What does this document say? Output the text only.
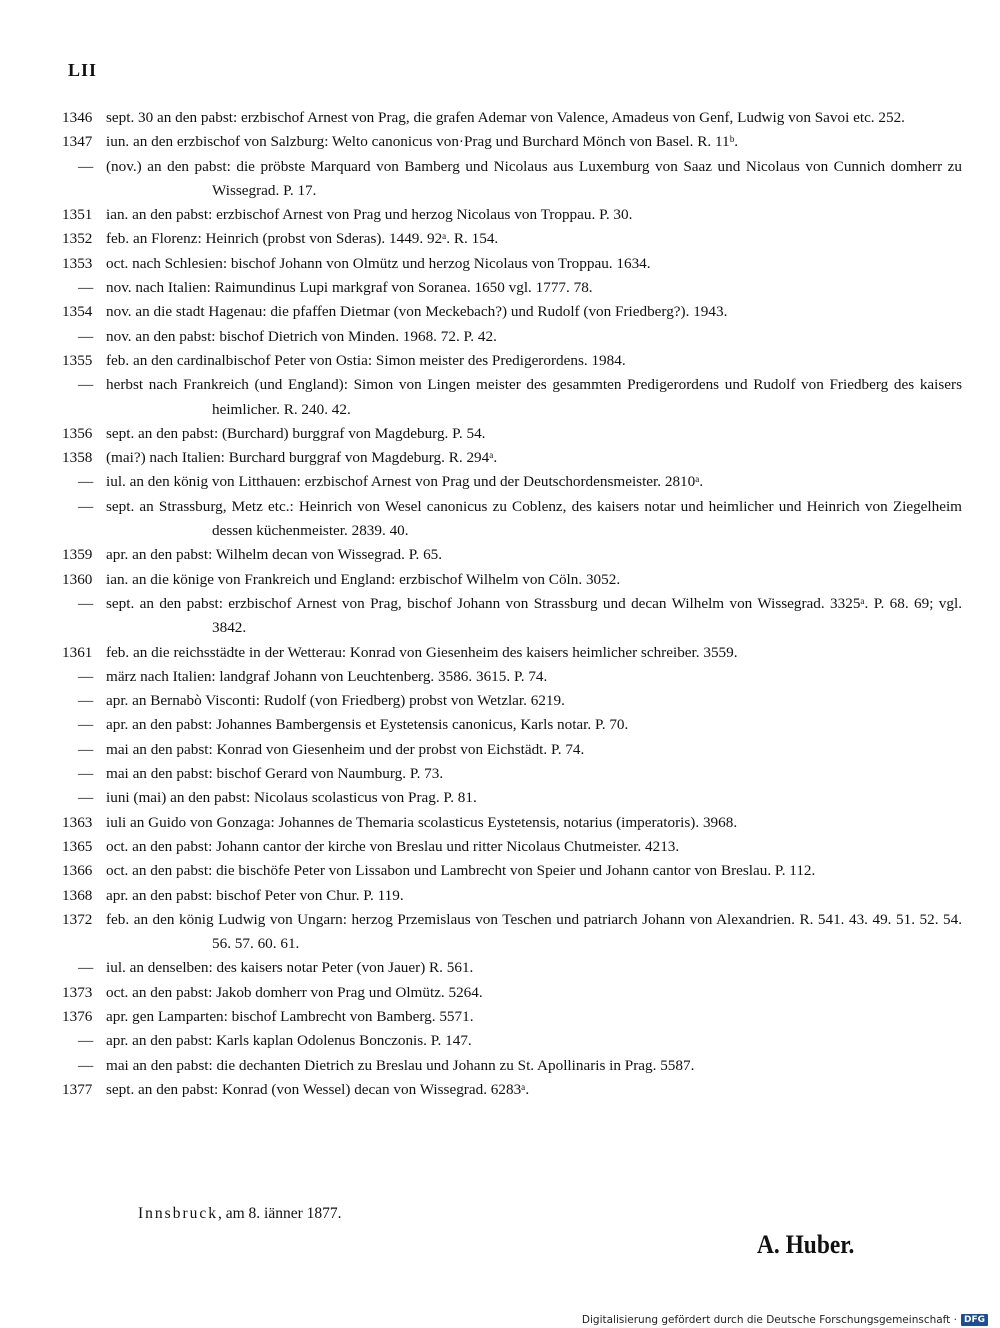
LII
1346 sept. 30 an den pabst: erzbischof Arnest von Prag, die grafen Ademar von Valence, Amadeus von Genf, Ludwig von Savoi etc. 252.
1347 iun. an den erzbischof von Salzburg: Welto canonicus von·Prag und Burchard Mönch von Basel. R. 11ᵇ.
— (nov.) an den pabst: die pröbste Marquard von Bamberg und Nicolaus aus Luxemburg von Saaz und Nicolaus von Cunnich domherr zu Wissegrad. P. 17.
1351 ian. an den pabst: erzbischof Arnest von Prag und herzog Nicolaus von Troppau. P. 30.
1352 feb. an Florenz: Heinrich (probst von Sderas). 1449. 92ᵃ. R. 154.
1353 oct. nach Schlesien: bischof Johann von Olmütz und herzog Nicolaus von Troppau. 1634.
— nov. nach Italien: Raimundinus Lupi markgraf von Soranea. 1650 vgl. 1777. 78.
1354 nov. an die stadt Hagenau: die pfaffen Dietmar (von Meckebach?) und Rudolf (von Friedberg?). 1943.
— nov. an den pabst: bischof Dietrich von Minden. 1968. 72. P. 42.
1355 feb. an den cardinalbischof Peter von Ostia: Simon meister des Predigerordens. 1984.
— herbst nach Frankreich (und England): Simon von Lingen meister des gesammten Predigerordens und Rudolf von Friedberg des kaisers heimlicher. R. 240. 42.
1356 sept. an den pabst: (Burchard) burggraf von Magdeburg. P. 54.
1358 (mai?) nach Italien: Burchard burggraf von Magdeburg. R. 294ᵃ.
— iul. an den könig von Litthauen: erzbischof Arnest von Prag und der Deutschordensmeister. 2810ᵃ.
— sept. an Strassburg, Metz etc.: Heinrich von Wesel canonicus zu Coblenz, des kaisers notar und heimlicher und Heinrich von Ziegelheim dessen küchenmeister. 2839. 40.
1359 apr. an den pabst: Wilhelm decan von Wissegrad. P. 65.
1360 ian. an die könige von Frankreich und England: erzbischof Wilhelm von Cöln. 3052.
— sept. an den pabst: erzbischof Arnest von Prag, bischof Johann von Strassburg und decan Wilhelm von Wissegrad. 3325ᵃ. P. 68. 69; vgl. 3842.
1361 feb. an die reichsstädte in der Wetterau: Konrad von Giesenheim des kaisers heimlicher schreiber. 3559.
— märz nach Italien: landgraf Johann von Leuchtenberg. 3586. 3615. P. 74.
— apr. an Bernabò Visconti: Rudolf (von Friedberg) probst von Wetzlar. 6219.
— apr. an den pabst: Johannes Bambergensis et Eystetensis canonicus, Karls notar. P. 70.
— mai an den pabst: Konrad von Giesenheim und der probst von Eichstädt. P. 74.
— mai an den pabst: bischof Gerard von Naumburg. P. 73.
— iuni (mai) an den pabst: Nicolaus scolasticus von Prag. P. 81.
1363 iuli an Guido von Gonzaga: Johannes de Themaria scolasticus Eystetensis, notarius (imperatoris). 3968.
1365 oct. an den pabst: Johann cantor der kirche von Breslau und ritter Nicolaus Chutmeister. 4213.
1366 oct. an den pabst: die bischöfe Peter von Lissabon und Lambrecht von Speier und Johann cantor von Breslau. P. 112.
1368 apr. an den pabst: bischof Peter von Chur. P. 119.
1372 feb. an den könig Ludwig von Ungarn: herzog Przemislaus von Teschen und patriarch Johann von Alexandrien. R. 541. 43. 49. 51. 52. 54. 56. 57. 60. 61.
— iul. an denselben: des kaisers notar Peter (von Jauer) R. 561.
1373 oct. an den pabst: Jakob domherr von Prag und Olmütz. 5264.
1376 apr. gen Lamparten: bischof Lambrecht von Bamberg. 5571.
— apr. an den pabst: Karls kaplan Odolenus Bonczonis. P. 147.
— mai an den pabst: die dechanten Dietrich zu Breslau und Johann zu St. Apollinaris in Prag. 5587.
1377 sept. an den pabst: Konrad (von Wessel) decan von Wissegrad. 6283ᵃ.
Innsbruck, am 8. iänner 1877.
A. Huber.
Digitalisierung gefördert durch die Deutsche Forschungsgemeinschaft · DFG
